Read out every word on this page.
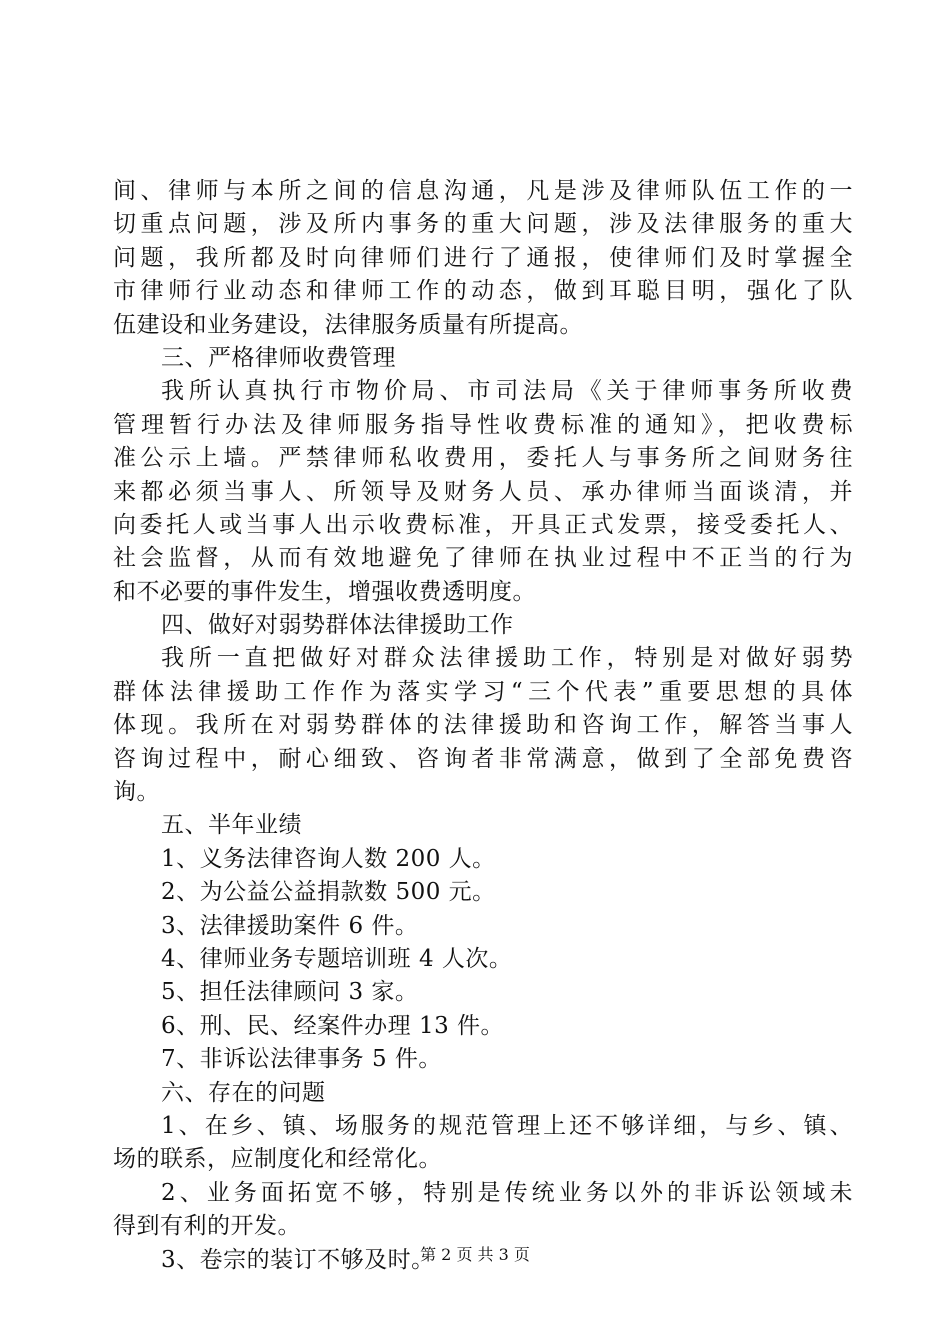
间、律师与本所之间的信息沟通，凡是涉及律师队伍工作的一
切重点问题，涉及所内事务的重大问题，涉及法律服务的重大
问题，我所都及时向律师们进行了通报，使律师们及时掌握全
市律师行业动态和律师工作的动态，做到耳聪目明，强化了队
伍建设和业务建设，法律服务质量有所提高。
三、严格律师收费管理
我所认真执行市物价局、市司法局《关于律师事务所收费
管理暂行办法及律师服务指导性收费标准的通知》，把收费标
准公示上墙。严禁律师私收费用，委托人与事务所之间财务往
来都必须当事人、所领导及财务人员、承办律师当面谈清，并
向委托人或当事人出示收费标准，开具正式发票，接受委托人、
社会监督，从而有效地避免了律师在执业过程中不正当的行为
和不必要的事件发生，增强收费透明度。
四、做好对弱势群体法律援助工作
我所一直把做好对群众法律援助工作，特别是对做好弱势
群体法律援助工作作为落实学习“三个代表”重要思想的具体
体现。我所在对弱势群体的法律援助和咨询工作，解答当事人
咨询过程中，耐心细致、咨询者非常满意，做到了全部免费咨
询。
五、半年业绩
1、义务法律咨询人数 200 人。
2、为公益公益捐款数 500 元。
3、法律援助案件 6 件。
4、律师业务专题培训班 4 人次。
5、担任法律顾问 3 家。
6、刑、民、经案件办理 13 件。
7、非诉讼法律事务 5 件。
六、存在的问题
1、在乡、镇、场服务的规范管理上还不够详细，与乡、镇、
场的联系，应制度化和经常化。
2、业务面拓宽不够，特别是传统业务以外的非诉讼领域未
得到有利的开发。
3、卷宗的装订不够及时。
第 2 页 共 3 页
